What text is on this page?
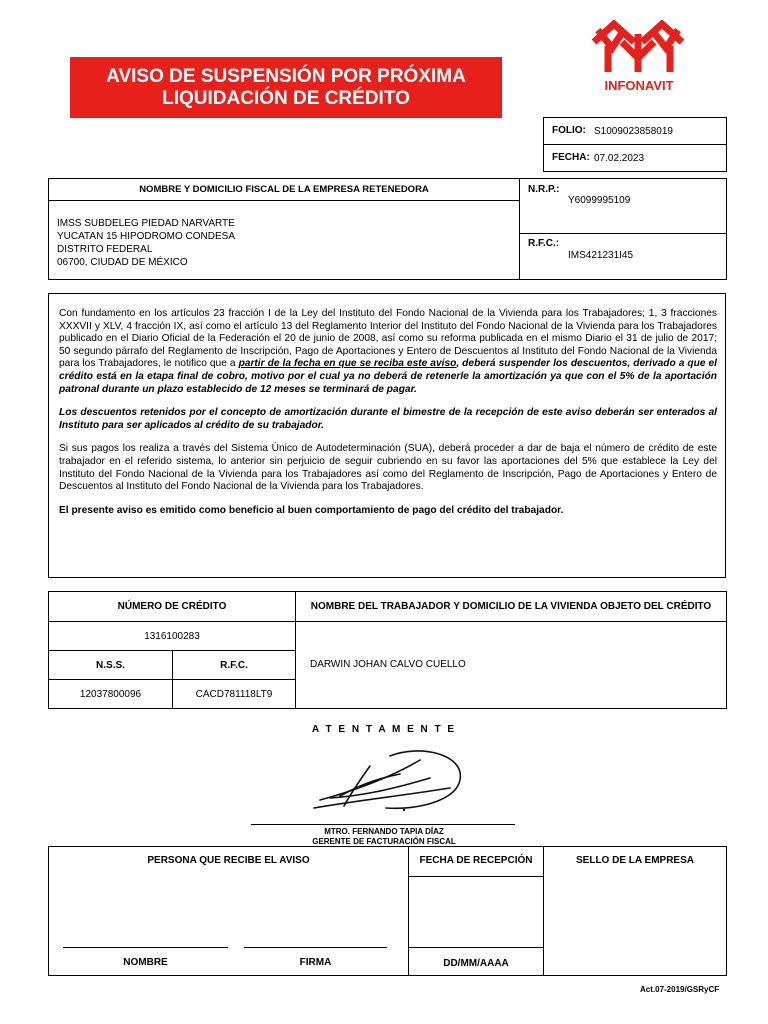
AVISO DE SUSPENSIÓN POR PRÓXIMA
LIQUIDACIÓN DE CRÉDITO
INFONAVIT
FOLIO: S1009023858019
FECHA: 07.02.2023
NOMBRE Y DOMICILIO FISCAL DE LA EMPRESA RETENEDORA
IMSS SUBDELEG PIEDAD NARVARTE
YUCATAN 15 HIPODROMO CONDESA
DISTRITO FEDERAL
06700, CIUDAD DE MÉXICO
N.R.P.:
Y6099995109
R.F.C.:
IMS421231I45

Con fundamento en los artículos 23 fracción I de la Ley del Instituto del Fondo Nacional de la Vivienda para los Trabajadores; 1, 3 fracciones XXXVII y XLV, 4 fracción IX, así como el artículo 13 del Reglamento Interior del Instituto del Fondo Nacional de la Vivienda para los Trabajadores publicado en el Diario Oficial de la Federación el 20 de junio de 2008, así como su reforma publicada en el mismo Diario el 31 de julio de 2017; 50 segundo párrafo del Reglamento de Inscripción, Pago de Aportaciones y Entero de Descuentos al Instituto del Fondo Nacional de la Vivienda para los Trabajadores, le notifico que a partir de la fecha en que se reciba este aviso, deberá suspender los descuentos, derivado a que el crédito está en la etapa final de cobro, motivo por el cual ya no deberá de retenerle la amortización ya que con el 5% de la aportación patronal durante un plazo establecido de 12 meses se terminará de pagar.

Los descuentos retenidos por el concepto de amortización durante el bimestre de la recepción de este aviso deberán ser enterados al Instituto para ser aplicados al crédito de su trabajador.

Si sus pagos los realiza a través del Sistema Único de Autodeterminación (SUA), deberá proceder a dar de baja el número de crédito de este trabajador en el referido sistema, lo anterior sin perjuicio de seguir cubriendo en su favor las aportaciones del 5% que establece la Ley del Instituto del Fondo Nacional de la Vivienda para los Trabajadores así como del Reglamento de Inscripción, Pago de Aportaciones y Entero de Descuentos al Instituto del Fondo Nacional de la Vivienda para los Trabajadores.

El presente aviso es emitido como beneficio al buen comportamiento de pago del crédito del trabajador.

NÚMERO DE CRÉDITO	NOMBRE DEL TRABAJADOR Y DOMICILIO DE LA VIVIENDA OBJETO DEL CRÉDITO
1316100283
N.S.S.	R.F.C.
12037800096	CACD781118LT9
DARWIN JOHAN CALVO CUELLO
A T E N T A M E N T E
MTRO. FERNANDO TAPIA DÍAZ
GERENTE DE FACTURACIÓN FISCAL
PERSONA QUE RECIBE EL AVISO
NOMBRE	FIRMA
FECHA DE RECEPCIÓN
DD/MM/AAAA
SELLO DE LA EMPRESA
Act.07-2019/GSRyCF
